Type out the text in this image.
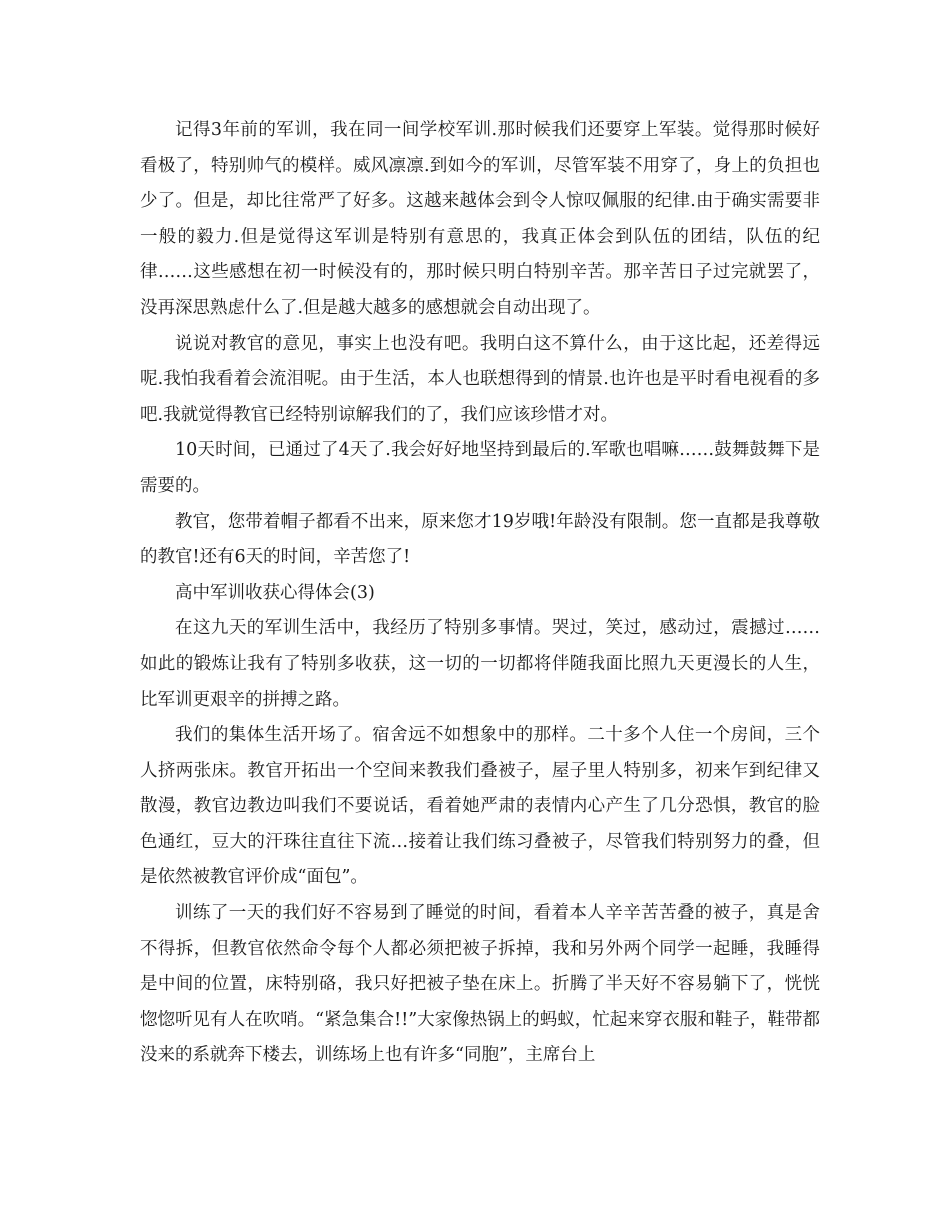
记得3年前的军训，我在同一间学校军训.那时候我们还要穿上军装。觉得那时候好看极了，特别帅气的模样。威风凛凛.到如今的军训，尽管军装不用穿了，身上的负担也少了。但是，却比往常严了好多。这越来越体会到令人惊叹佩服的纪律.由于确实需要非一般的毅力.但是觉得这军训是特别有意思的，我真正体会到队伍的团结，队伍的纪律……这些感想在初一时候没有的，那时候只明白特别辛苦。那辛苦日子过完就罢了，没再深思熟虑什么了.但是越大越多的感想就会自动出现了。

说说对教官的意见，事实上也没有吧。我明白这不算什么，由于这比起，还差得远呢.我怕我看着会流泪呢。由于生活，本人也联想得到的情景.也许也是平时看电视看的多吧.我就觉得教官已经特别谅解我们的了，我们应该珍惜才对。

10天时间，已通过了4天了.我会好好地坚持到最后的.军歌也唱嘛……鼓舞鼓舞下是需要的。

教官，您带着帽子都看不出来，原来您才19岁哦!年龄没有限制。您一直都是我尊敬的教官!还有6天的时间，辛苦您了!

高中军训收获心得体会(3)

在这九天的军训生活中，我经历了特别多事情。哭过，笑过，感动过，震撼过……如此的锻炼让我有了特别多收获，这一切的一切都将伴随我面比照九天更漫长的人生，比军训更艰辛的拼搏之路。

我们的集体生活开场了。宿舍远不如想象中的那样。二十多个人住一个房间，三个人挤两张床。教官开拓出一个空间来教我们叠被子，屋子里人特别多，初来乍到纪律又散漫，教官边教边叫我们不要说话，看着她严肃的表情内心产生了几分恐惧，教官的脸色通红，豆大的汗珠往直往下流…接着让我们练习叠被子，尽管我们特别努力的叠，但是依然被教官评价成“面包”。

训练了一天的我们好不容易到了睡觉的时间，看着本人辛辛苦苦叠的被子，真是舍不得拆，但教官依然命令每个人都必须把被子拆掉，我和另外两个同学一起睡，我睡得是中间的位置，床特别硌，我只好把被子垫在床上。折腾了半天好不容易躺下了，恍恍惚惚听见有人在吹哨。“紧急集合!!”大家像热锅上的蚂蚁，忙起来穿衣服和鞋子，鞋带都没来的系就奔下楼去，训练场上也有许多“同胞”，主席台上
